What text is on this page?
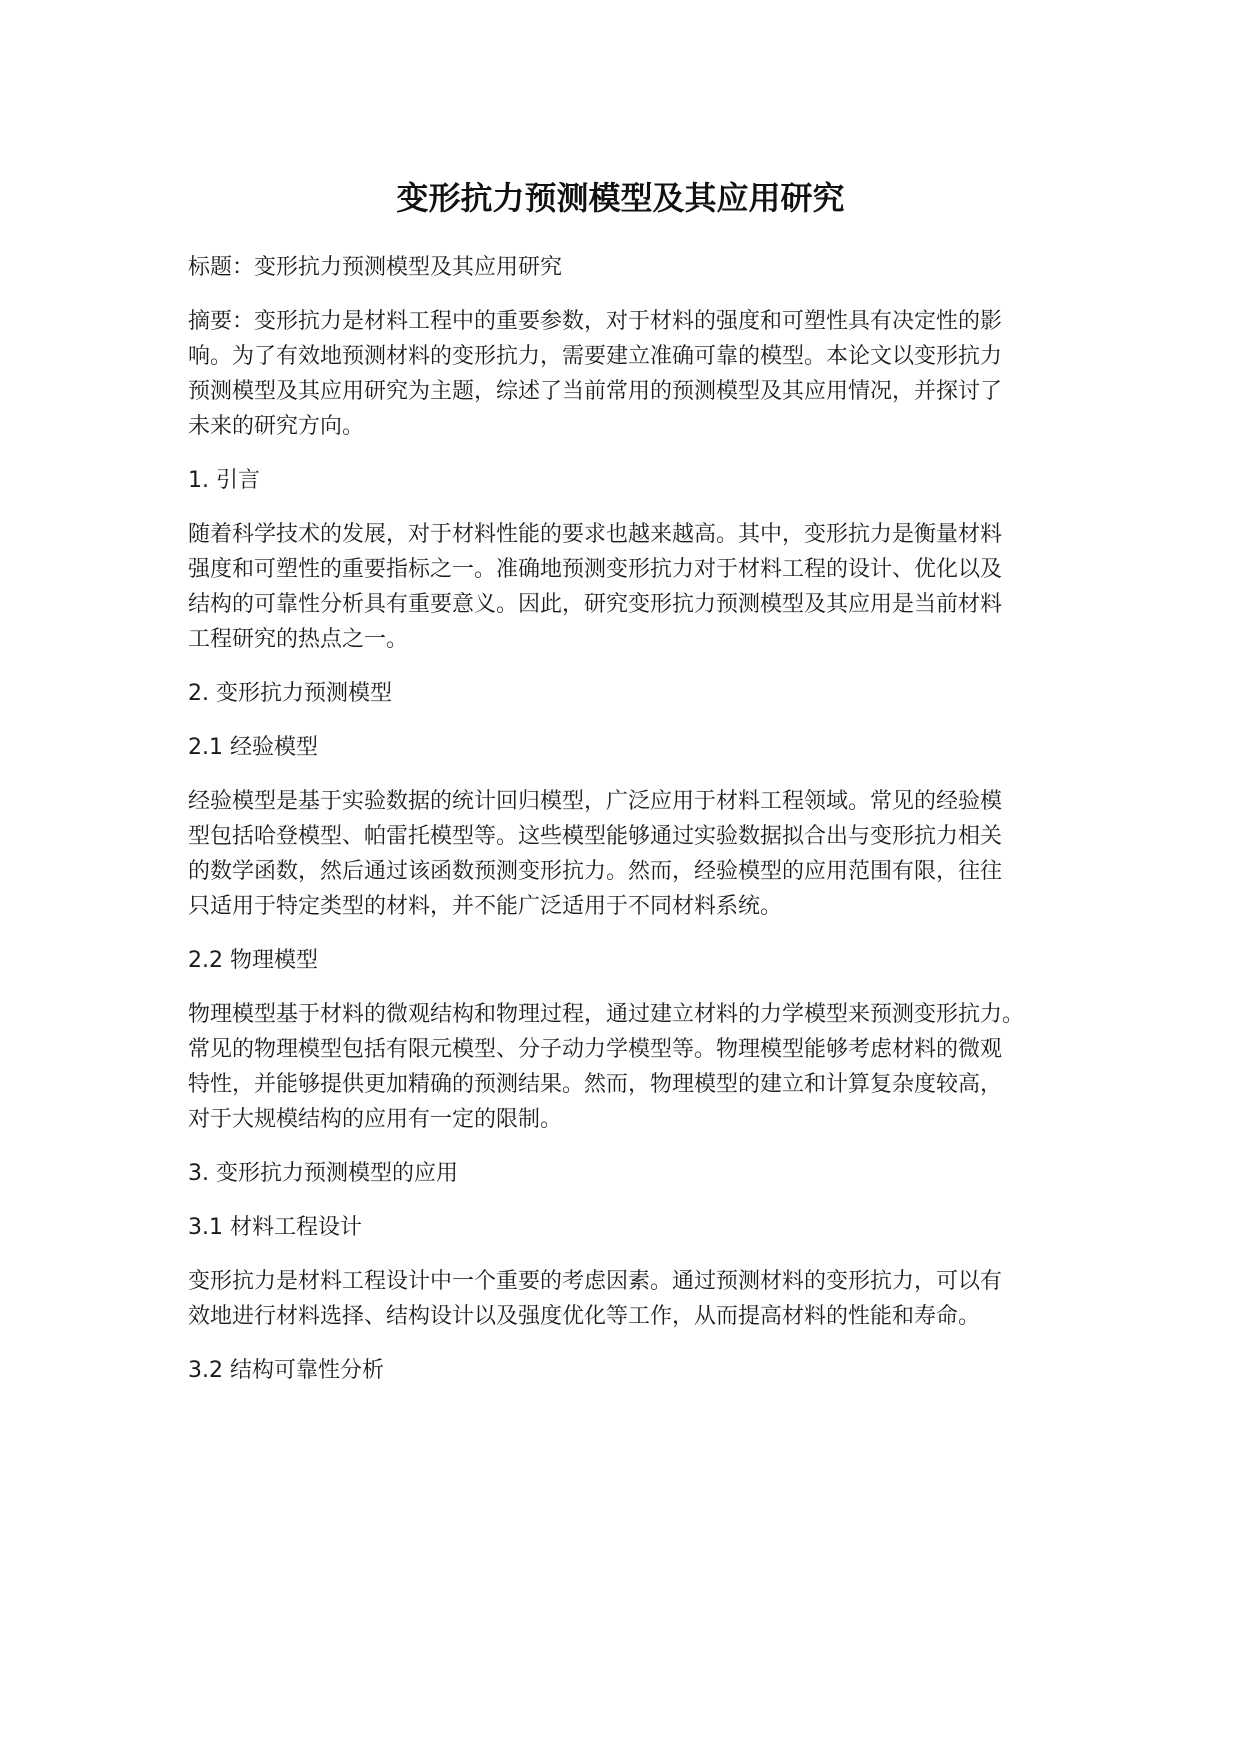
变形抗力预测模型及其应用研究

标题：变形抗力预测模型及其应用研究

摘要：变形抗力是材料工程中的重要参数，对于材料的强度和可塑性具有决定性的影

响。为了有效地预测材料的变形抗力，需要建立准确可靠的模型。本论文以变形抗力

预测模型及其应用研究为主题，综述了当前常用的预测模型及其应用情况，并探讨了

未来的研究方向。

1. 引言

随着科学技术的发展，对于材料性能的要求也越来越高。其中，变形抗力是衡量材料

强度和可塑性的重要指标之一。准确地预测变形抗力对于材料工程的设计、优化以及

结构的可靠性分析具有重要意义。因此，研究变形抗力预测模型及其应用是当前材料

工程研究的热点之一。

2. 变形抗力预测模型

2.1 经验模型

经验模型是基于实验数据的统计回归模型，广泛应用于材料工程领域。常见的经验模

型包括哈登模型、帕雷托模型等。这些模型能够通过实验数据拟合出与变形抗力相关

的数学函数，然后通过该函数预测变形抗力。然而，经验模型的应用范围有限，往往

只适用于特定类型的材料，并不能广泛适用于不同材料系统。

2.2 物理模型

物理模型基于材料的微观结构和物理过程，通过建立材料的力学模型来预测变形抗力。

常见的物理模型包括有限元模型、分子动力学模型等。物理模型能够考虑材料的微观

特性，并能够提供更加精确的预测结果。然而，物理模型的建立和计算复杂度较高，

对于大规模结构的应用有一定的限制。

3. 变形抗力预测模型的应用

3.1 材料工程设计

变形抗力是材料工程设计中一个重要的考虑因素。通过预测材料的变形抗力，可以有

效地进行材料选择、结构设计以及强度优化等工作，从而提高材料的性能和寿命。

3.2 结构可靠性分析
